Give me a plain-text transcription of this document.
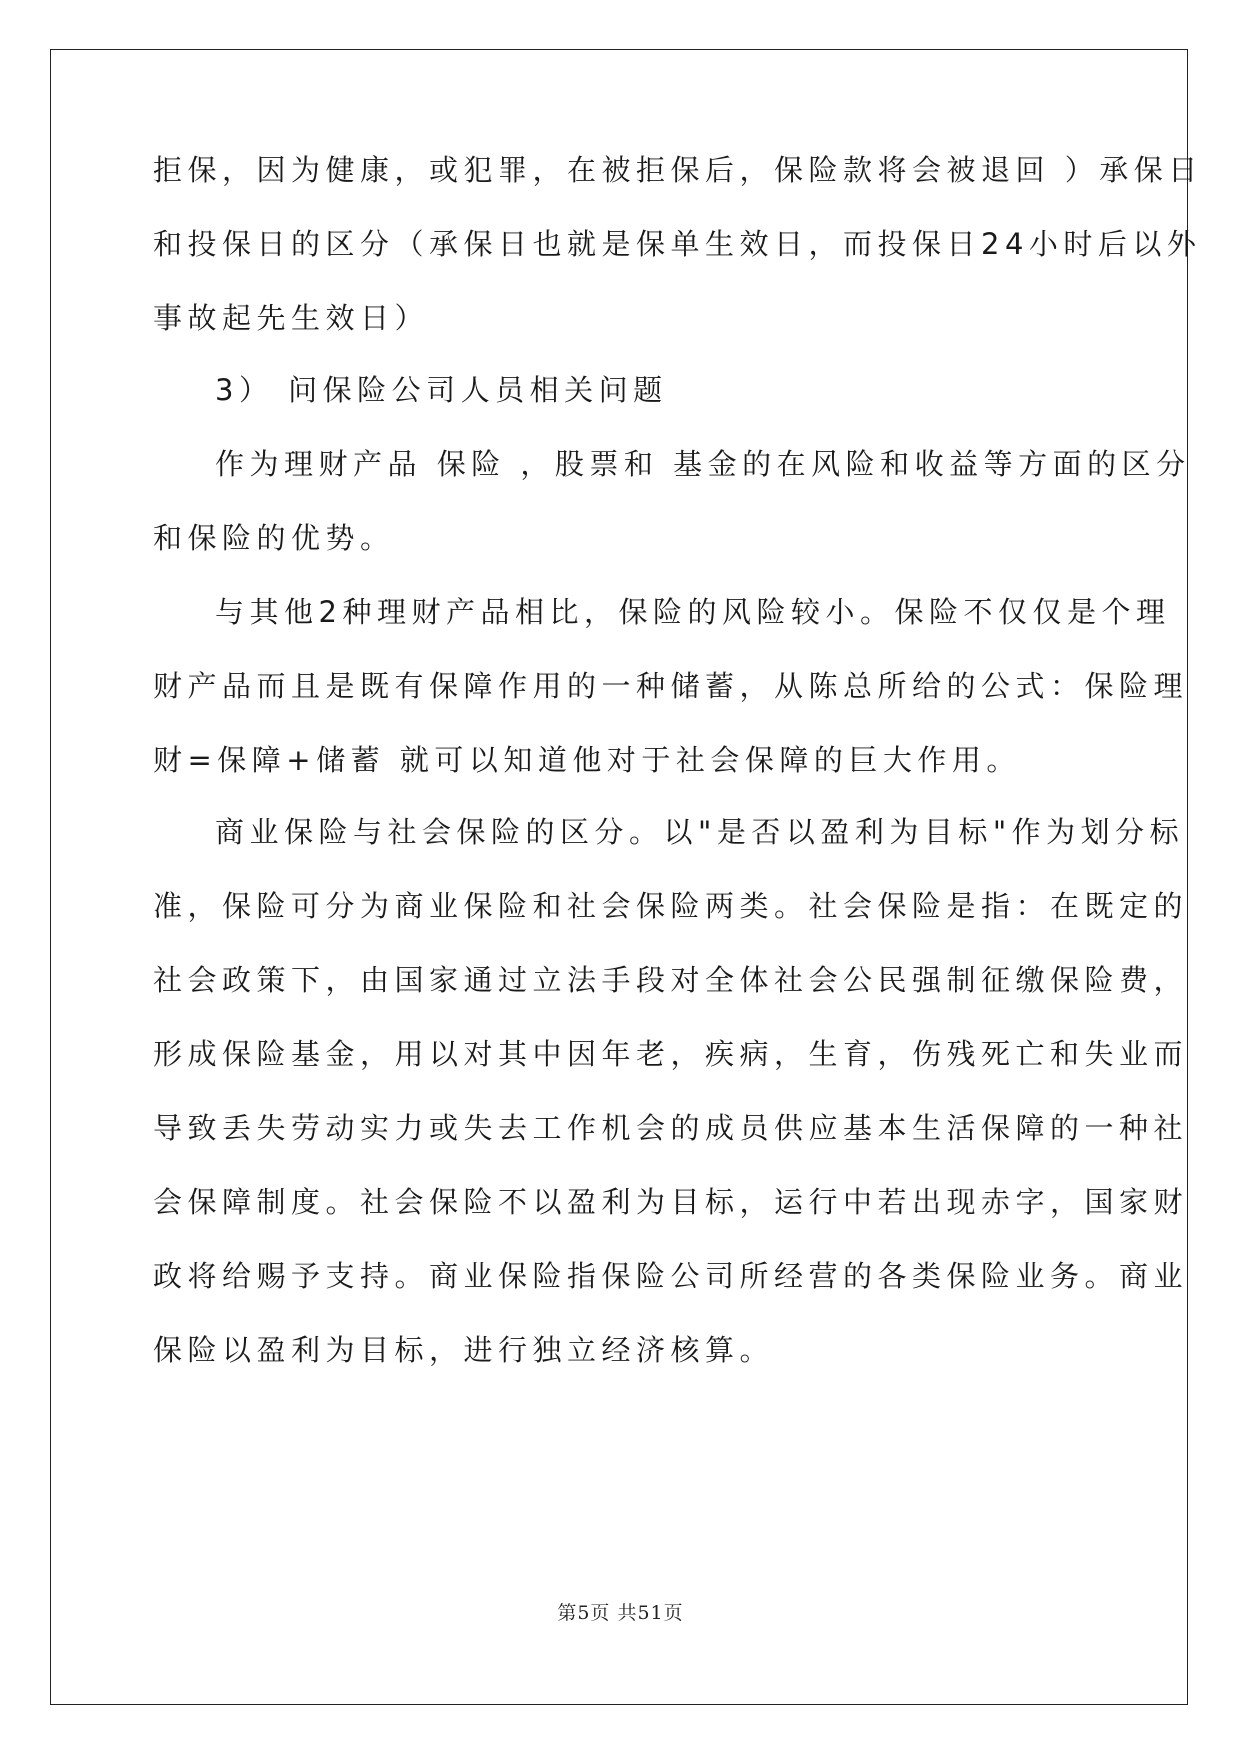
拒保，因为健康，或犯罪，在被拒保后，保险款将会被退回 ）承保日
和投保日的区分（承保日也就是保单生效日，而投保日24小时后以外
事故起先生效日）
3） 问保险公司人员相关问题
作为理财产品 保险 ，股票和 基金的在风险和收益等方面的区分
和保险的优势。
与其他2种理财产品相比，保险的风险较小。保险不仅仅是个理
财产品而且是既有保障作用的一种储蓄，从陈总所给的公式：保险理
财=保障+储蓄 就可以知道他对于社会保障的巨大作用。
商业保险与社会保险的区分。以"是否以盈利为目标"作为划分标
准，保险可分为商业保险和社会保险两类。社会保险是指：在既定的
社会政策下，由国家通过立法手段对全体社会公民强制征缴保险费，
形成保险基金，用以对其中因年老，疾病，生育，伤残死亡和失业而
导致丢失劳动实力或失去工作机会的成员供应基本生活保障的一种社
会保障制度。社会保险不以盈利为目标，运行中若出现赤字，国家财
政将给赐予支持。商业保险指保险公司所经营的各类保险业务。商业
保险以盈利为目标，进行独立经济核算。
第5页 共51页
